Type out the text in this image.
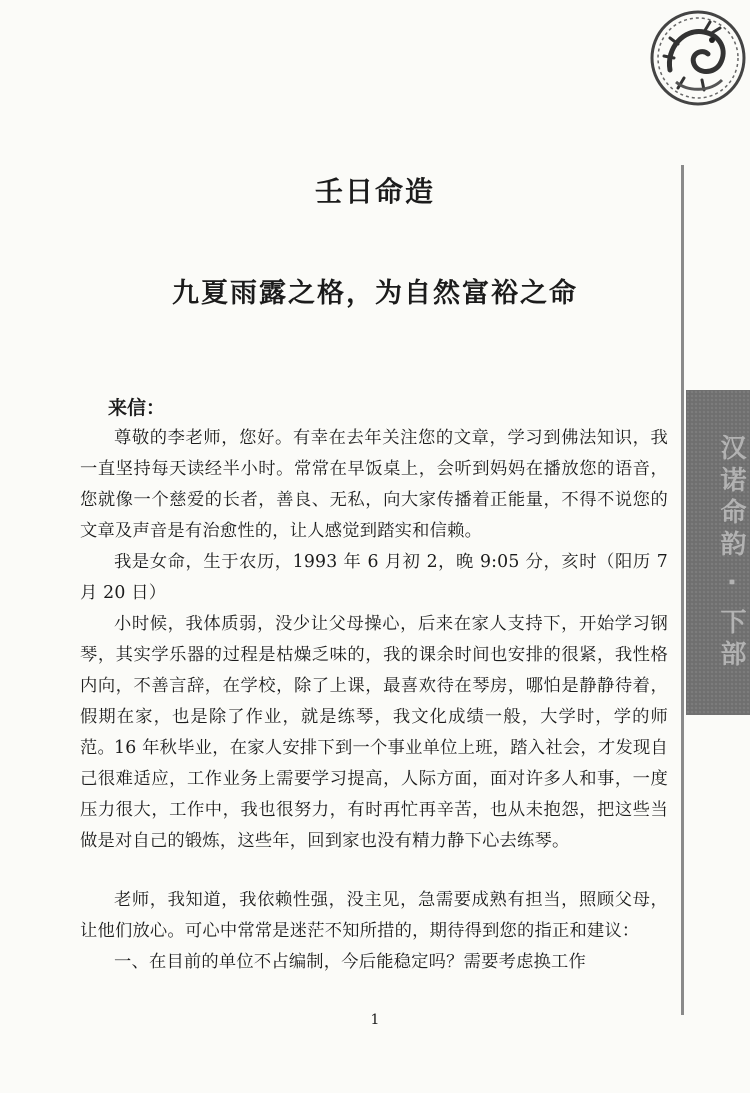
汉诺命韵 · 下部
壬日命造
九夏雨露之格，为自然富裕之命

来信：

尊敬的李老师，您好。有幸在去年关注您的文章，学习到佛法知识，我一直坚持每天读经半小时。常常在早饭桌上，会听到妈妈在播放您的语音，您就像一个慈爱的长者，善良、无私，向大家传播着正能量，不得不说您的文章及声音是有治愈性的，让人感觉到踏实和信赖。

我是女命，生于农历，1993 年 6 月初 2，晚 9:05 分，亥时（阳历 7 月 20 日）

小时候，我体质弱，没少让父母操心，后来在家人支持下，开始学习钢琴，其实学乐器的过程是枯燥乏味的，我的课余时间也安排的很紧，我性格内向，不善言辞，在学校，除了上课，最喜欢待在琴房，哪怕是静静待着，假期在家，也是除了作业，就是练琴，我文化成绩一般，大学时，学的师范。 16 年秋毕业，在家人安排下到一个事业单位上班，踏入社会，才发现自己很难适应，工作业务上需要学习提高，人际方面，面对许多人和事，一度压力很大，工作中，我也很努力，有时再忙再辛苦，也从未抱怨，把这些当做是对自己的锻炼，这些年，回到家也没有精力静下心去练琴。

老师，我知道，我依赖性强，没主见，急需要成熟有担当，照顾父母，让他们放心。可心中常常是迷茫不知所措的，期待得到您的指正和建议：

一、在目前的单位不占编制，今后能稳定吗？需要考虑换工作

1
